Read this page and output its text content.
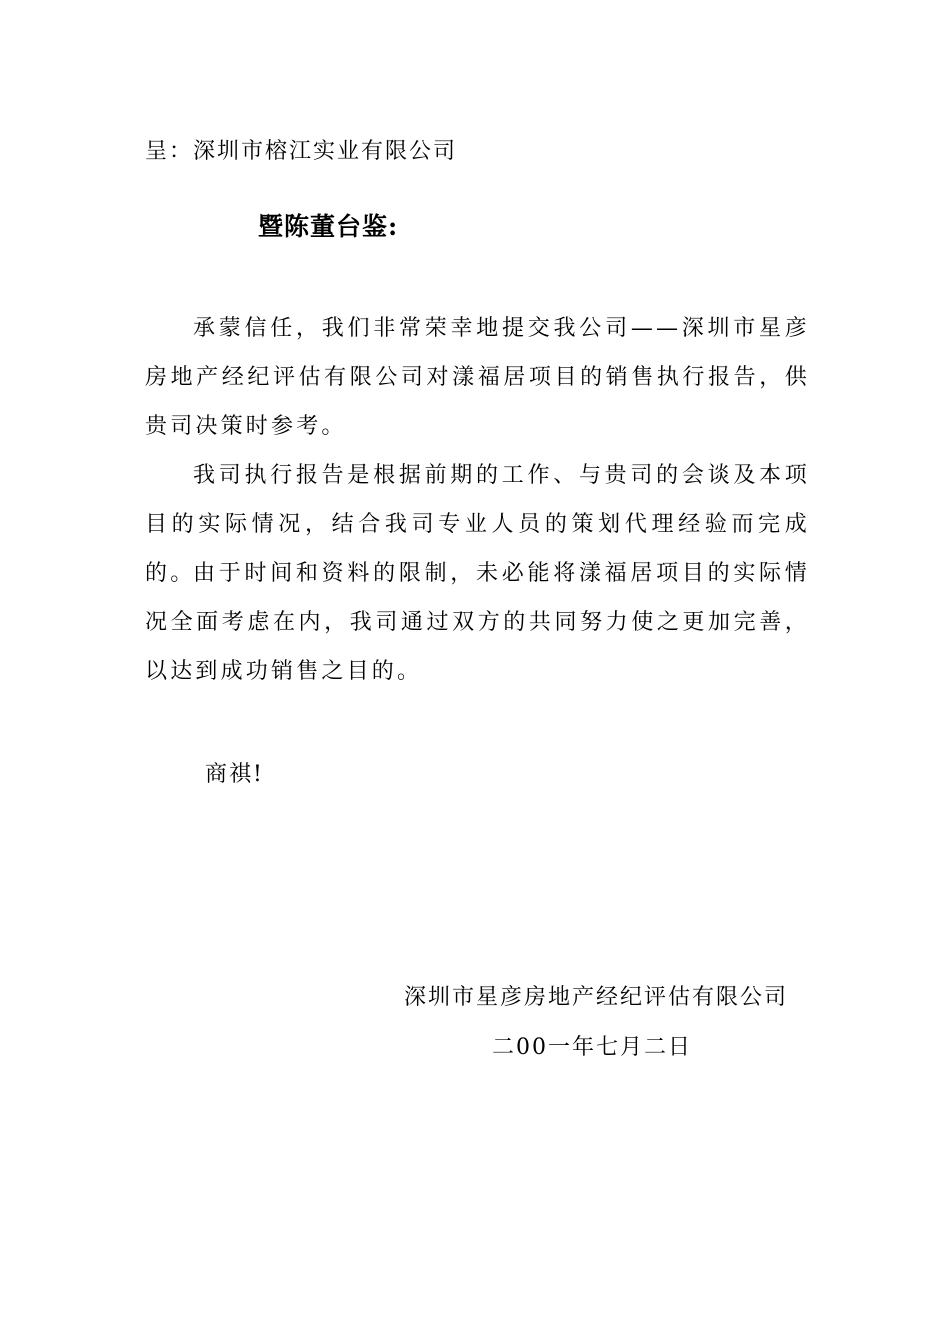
呈：深圳市榕江实业有限公司
暨陈董台鉴:
承蒙信任，我们非常荣幸地提交我公司——深圳市星彦房地产经纪评估有限公司对漾福居项目的销售执行报告，供贵司决策时参考。
我司执行报告是根据前期的工作、与贵司的会谈及本项目的实际情况，结合我司专业人员的策划代理经验而完成的。
由于时间和资料的限制，未必能将漾福居项目的实际情况全面考虑在内，我司通过双方的共同努力使之更加完善，以达到成功销售之目的。
商祺!
深圳市星彦房地产经纪评估有限公司
二00一年七月二日
